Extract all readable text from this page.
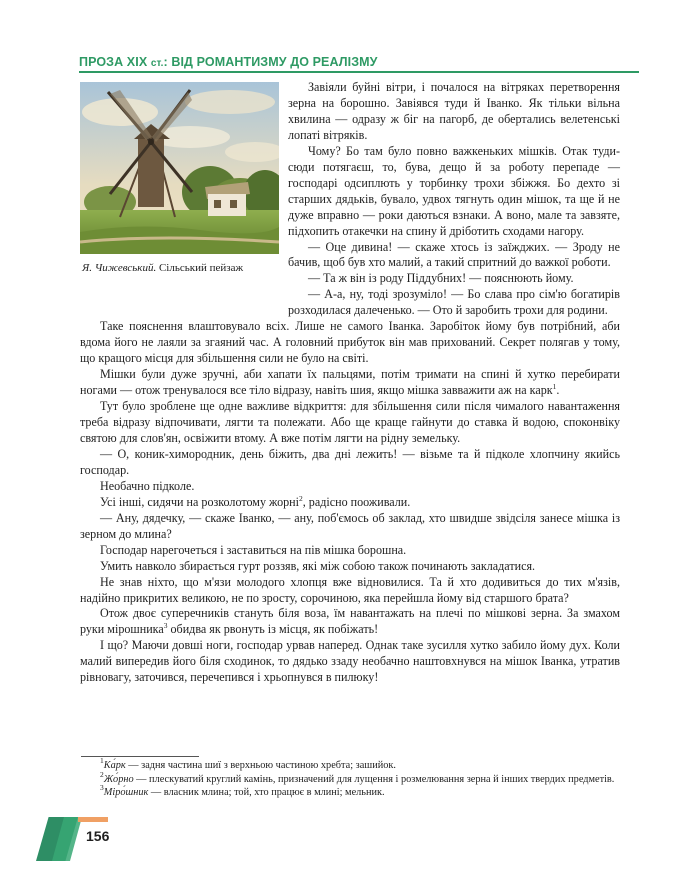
ПРОЗА XIX ст.: ВІД РОМАНТИЗМУ ДО РЕАЛІЗМУ
Я. Чижевський. Сільський пейзаж

Завіяли буйні вітри, і почалося на вітряках перетворення зерна на борошно. Завіявся туди й Іванко. Як тільки вільна хвилина — одразу ж біг на пагорб, де обертались велетенські лопаті вітряків.

Чому? Бо там було повно важкеньких мішків. Отак туди-сюди потягаєш, то, бува, дещо й за роботу перепаде — господарі одсиплють у торбинку трохи збіжжя. Бо дехто зі старших дядьків, бувало, удвох тягнуть один мішок, та ще й не дуже вправно — роки даються взнаки. А воно, мале та завзяте, підхопить отакечки на спину й дріботить сходами нагору.

— Оце дивина! — скаже хтось із заїжджих. — Зроду не бачив, щоб був хто малий, а такий спритний до важкої роботи.

— Та ж він із роду Піддубних! — пояснюють йому.

— А-а, ну, тоді зрозуміло! — Бо слава про сім'ю богатирів розходилася далеченько. — Ото й заробить трохи для родини.

Таке пояснення влаштовувало всіх. Лише не самого Іванка. Заробіток йому був потрібний, аби вдома його не лаяли за згаяний час. А головний прибуток він мав прихований. Секрет полягав у тому, що кращого місця для збільшення сили не було на світі.

Мішки були дуже зручні, аби хапати їх пальцями, потім тримати на спині й хутко перебирати ногами — отож тренувалося все тіло відразу, навіть шия, якщо мішка завважити аж на карк$^1$.

Тут було зроблене ще одне важливе відкриття: для збільшення сили після чималого навантаження треба відразу відпочивати, лягти та полежати. Або ще краще гайнути до ставка й водою, споконвіку святою для слов'ян, освіжити втому. А вже потім лягти на рідну земельку.

— О, коник-химородник, день біжить, два дні лежить! — візьме та й підколе хлопчину якийсь господар.

Необачно підколе.

Усі інші, сидячи на розколотому жорні$^2$, радісно пооживали.

— Ану, дядечку, — скаже Іванко, — ану, поб'ємось об заклад, хто швидше звідсіля занесе мішка із зерном до млина?

Господар нарегочеться і заставиться на пів мішка борошна.

Умить навколо збирається гурт роззяв, які між собою також починають закладатися.

Не знав ніхто, що м'язи молодого хлопця вже відновилися. Та й хто додивиться до тих м'язів, надійно прикритих великою, не по зросту, сорочиною, яка перейшла йому від старшого брата?

Отож двоє суперечників стануть біля воза, їм навантажать на плечі по мішкові зерна. За змахом руки мірошника$^3$ обидва як рвонуть із місця, як побіжать!

І що? Маючи довші ноги, господар урвав наперед. Однак таке зусилля хутко забило йому дух. Коли малий випередив його біля сходинок, то дядько ззаду необачно наштовхнувся на мішок Іванка, утратив рівновагу, заточився, перечепився і хрьопнувся в пилюку!

$^1$Ка́рк — задня частина шиї з верхньою частиною хребта; зашийок.

$^2$Жо́рно — плескуватий круглий камінь, призначений для лущення і розмелювання зерна й інших твердих предметів.

$^3$Міро́шник — власник млина; той, хто працює в млині; мельник.

156
